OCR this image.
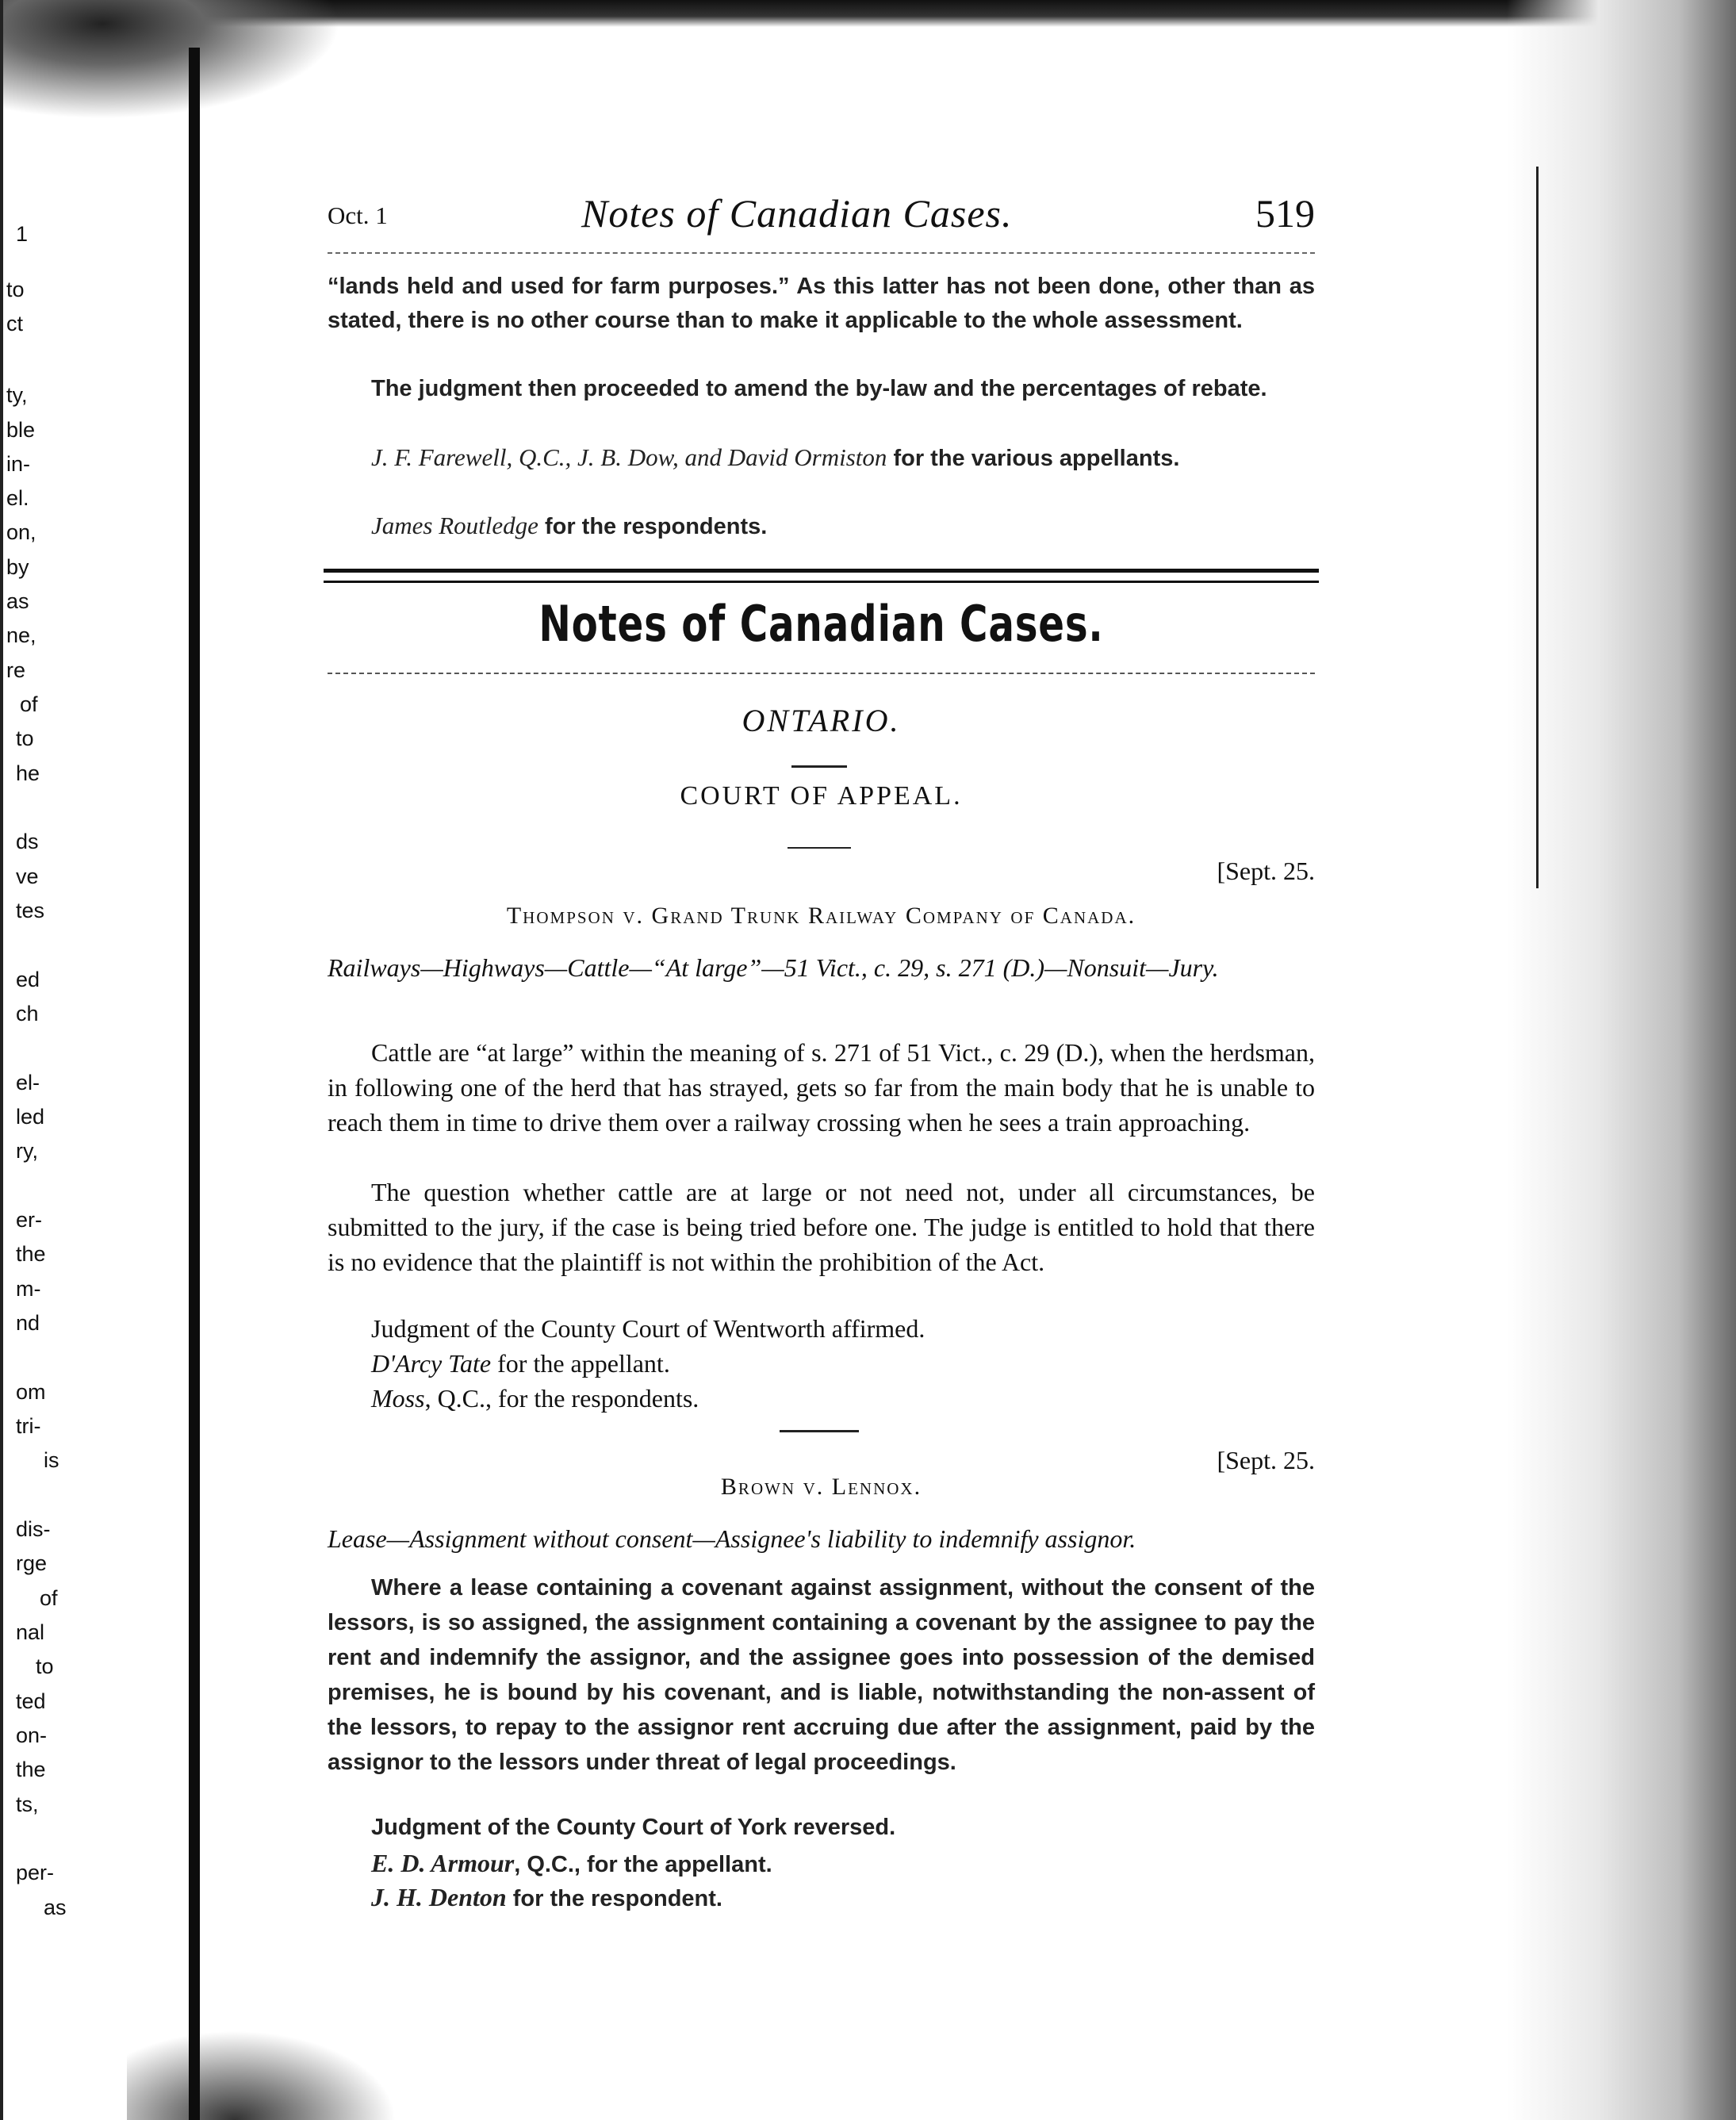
1
to
ct
ty,
ble
in-
el.
on,
by
as
ne,
re
of
to
he
ds
ve
tes
ed
ch
el-
led
ry,
er-
the
m-
nd
om
tri-
is
dis-
rge
of
nal
to
ted
on-
the
ts,
per-
as
Oct. 1	Notes of Canadian Cases.	519
“lands held and used for farm purposes.” As this latter has not been done, other than as stated, there is no other course than to make it applicable to the whole assessment.
The judgment then proceeded to amend the by-law and the percentages of rebate.
J. F. Farewell, Q.C., J. B. Dow, and David Ormiston for the various appellants.
James Routledge for the respondents.
Notes of Canadian Cases.
ONTARIO.
COURT OF APPEAL.
[Sept. 25.
Thompson v. Grand Trunk Railway Company of Canada.
Railways—Highways—Cattle—“At large”—51 Vict., c. 29, s. 271 (D.)—Nonsuit—Jury.
Cattle are “at large” within the meaning of s. 271 of 51 Vict., c. 29 (D.), when the herdsman, in following one of the herd that has strayed, gets so far from the main body that he is unable to reach them in time to drive them over a railway crossing when he sees a train approaching.
The question whether cattle are at large or not need not, under all circumstances, be submitted to the jury, if the case is being tried before one. The judge is entitled to hold that there is no evidence that the plaintiff is not within the prohibition of the Act.
Judgment of the County Court of Wentworth affirmed.
D'Arcy Tate for the appellant.
Moss, Q.C., for the respondents.
[Sept. 25.
Brown v. Lennox.
Lease—Assignment without consent—Assignee's liability to indemnify assignor.
Where a lease containing a covenant against assignment, without the consent of the lessors, is so assigned, the assignment containing a covenant by the assignee to pay the rent and indemnify the assignor, and the assignee goes into possession of the demised premises, he is bound by his covenant, and is liable, notwithstanding the non-assent of the lessors, to repay to the assignor rent accruing due after the assignment, paid by the assignor to the lessors under threat of legal proceedings.
Judgment of the County Court of York reversed.
E. D. Armour, Q.C., for the appellant.
J. H. Denton for the respondent.
